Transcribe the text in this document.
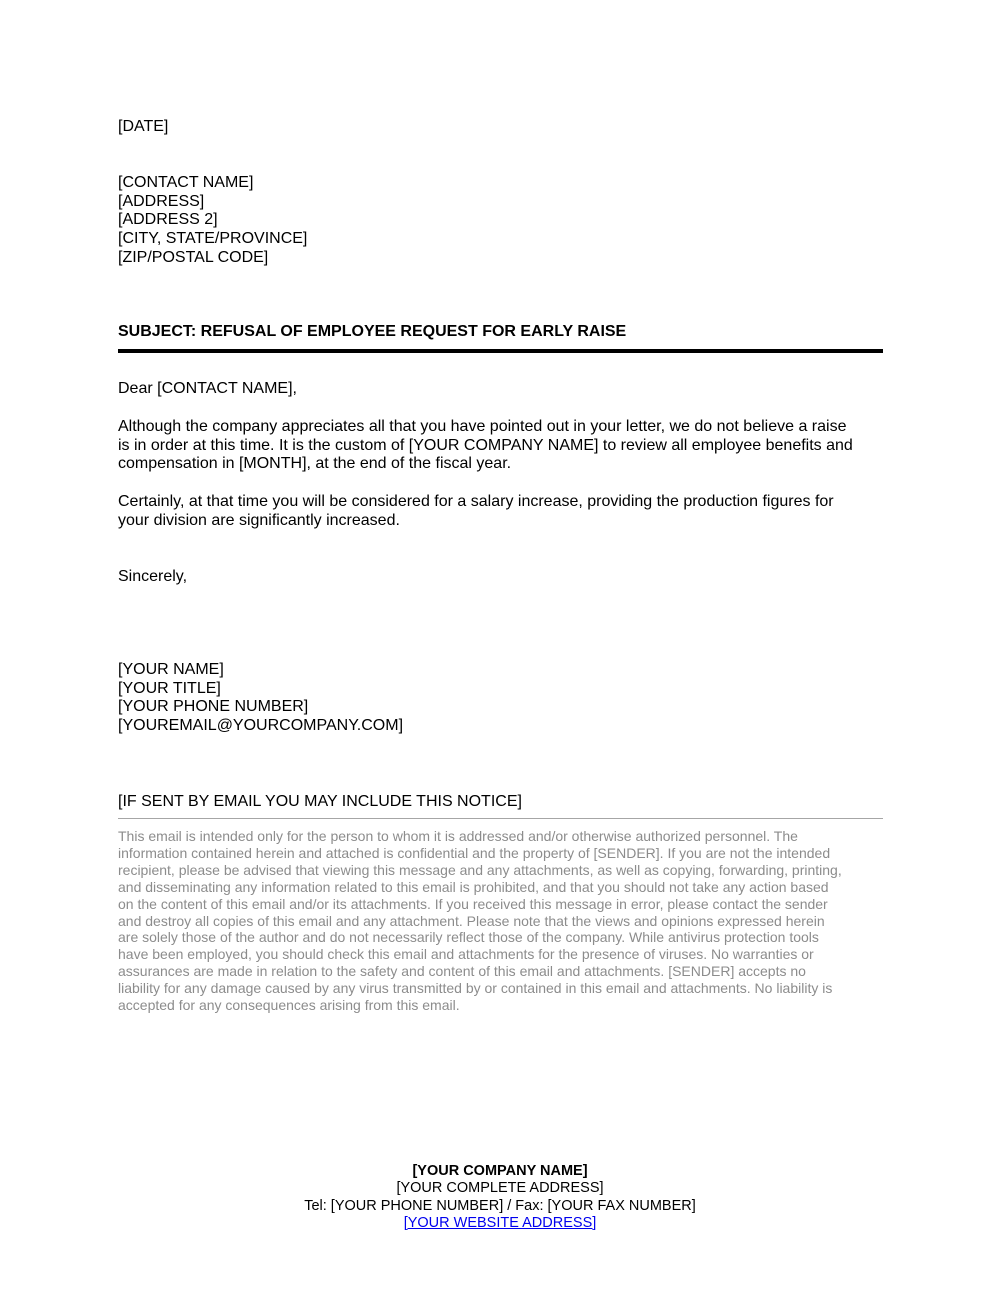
[DATE]
[CONTACT NAME]
[ADDRESS]
[ADDRESS 2]
[CITY, STATE/PROVINCE]
[ZIP/POSTAL CODE]
SUBJECT: REFUSAL OF EMPLOYEE REQUEST FOR EARLY RAISE
Dear [CONTACT NAME],
Although the company appreciates all that you have pointed out in your letter, we do not believe a raise
is in order at this time. It is the custom of [YOUR COMPANY NAME] to review all employee benefits and
compensation in [MONTH], at the end of the fiscal year.
Certainly, at that time you will be considered for a salary increase, providing the production figures for
your division are significantly increased.
Sincerely,
[YOUR NAME]
[YOUR TITLE]
[YOUR PHONE NUMBER]
[YOUREMAIL@YOURCOMPANY.COM]
[IF SENT BY EMAIL YOU MAY INCLUDE THIS NOTICE]
This email is intended only for the person to whom it is addressed and/or otherwise authorized personnel. The
information contained herein and attached is confidential and the property of [SENDER]. If you are not the intended
recipient, please be advised that viewing this message and any attachments, as well as copying, forwarding, printing,
and disseminating any information related to this email is prohibited, and that you should not take any action based
on the content of this email and/or its attachments. If you received this message in error, please contact the sender
and destroy all copies of this email and any attachment. Please note that the views and opinions expressed herein
are solely those of the author and do not necessarily reflect those of the company. While antivirus protection tools
have been employed, you should check this email and attachments for the presence of viruses. No warranties or
assurances are made in relation to the safety and content of this email and attachments. [SENDER] accepts no
liability for any damage caused by any virus transmitted by or contained in this email and attachments. No liability is
accepted for any consequences arising from this email.
[YOUR COMPANY NAME]
[YOUR COMPLETE ADDRESS]
Tel: [YOUR PHONE NUMBER] / Fax: [YOUR FAX NUMBER]
[YOUR WEBSITE ADDRESS]
